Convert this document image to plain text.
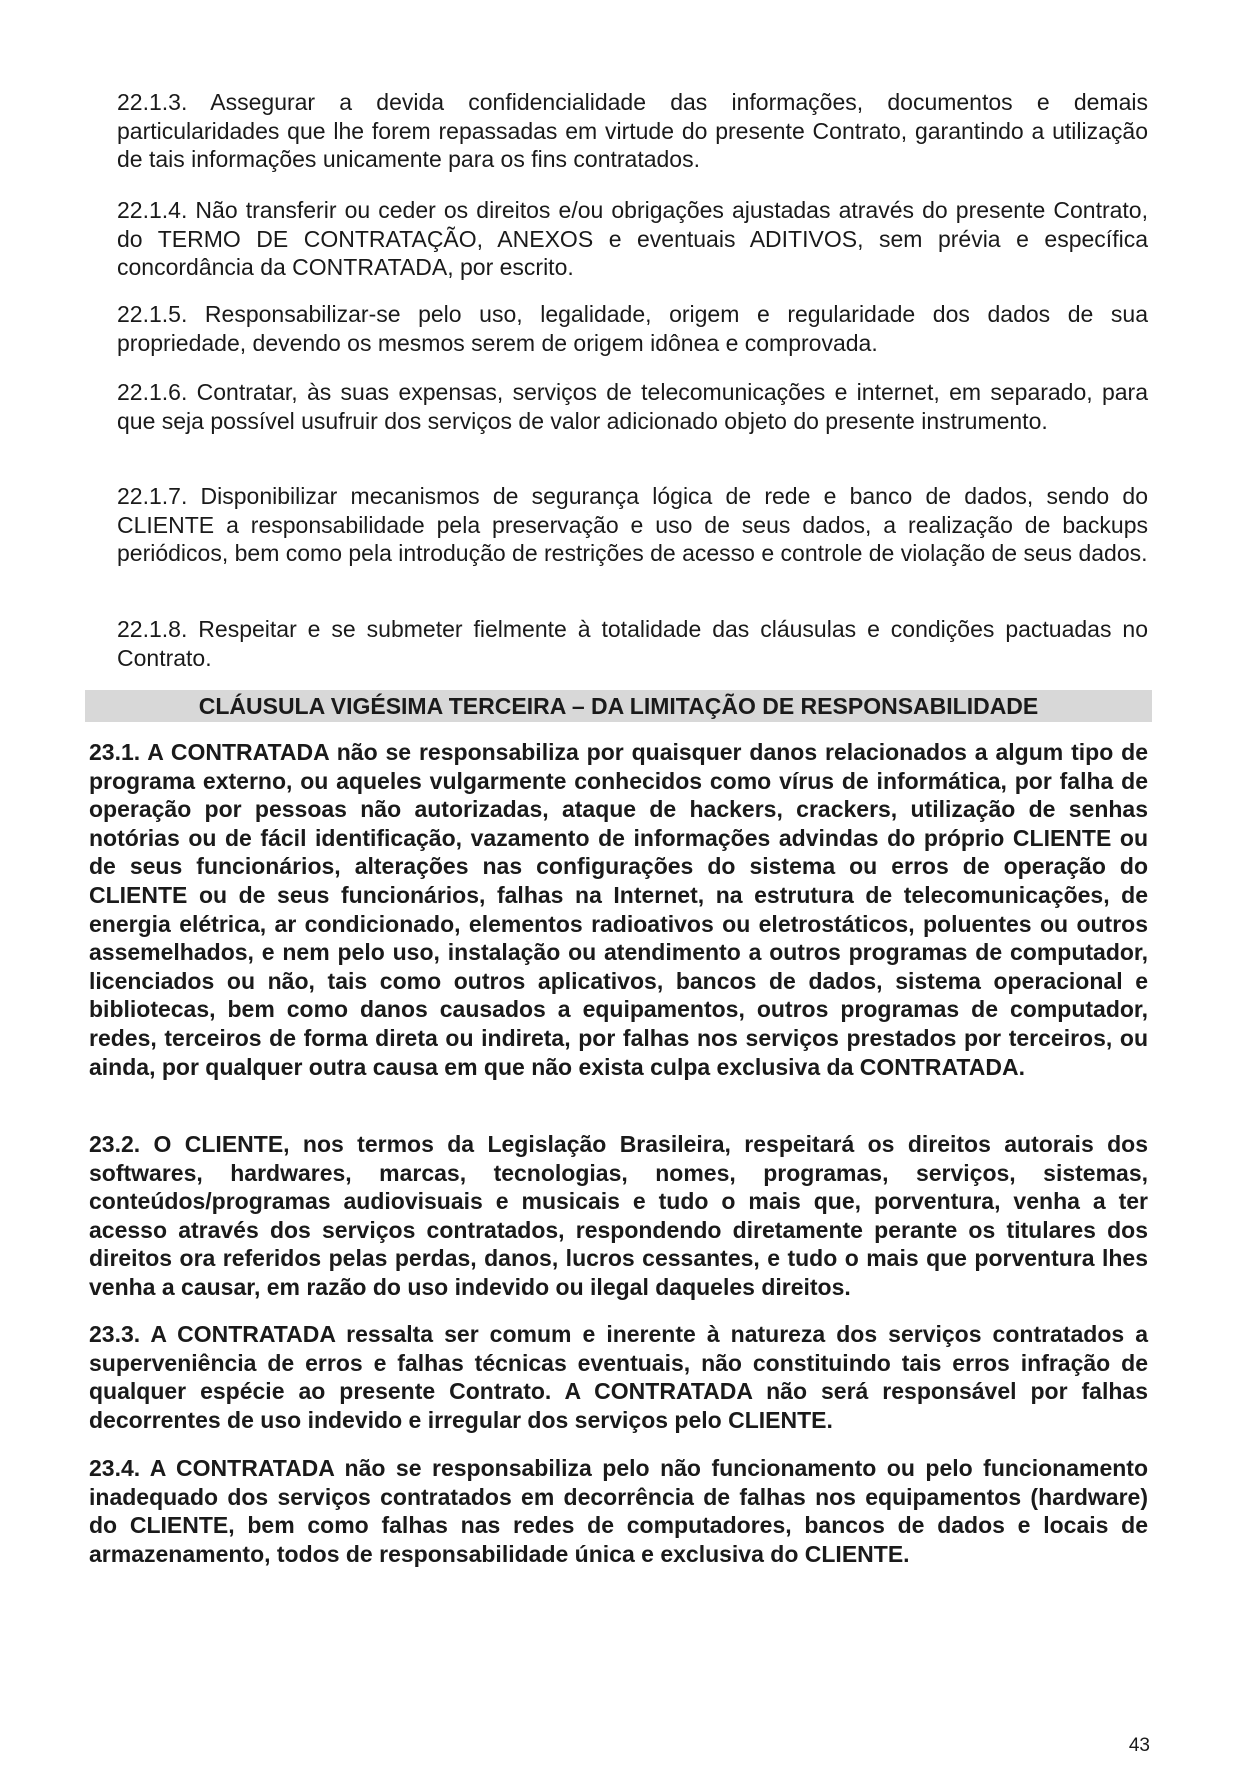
22.1.3. Assegurar a devida confidencialidade das informações, documentos e demais particularidades que lhe forem repassadas em virtude do presente Contrato, garantindo a utilização de tais informações unicamente para os fins contratados.

22.1.4. Não transferir ou ceder os direitos e/ou obrigações ajustadas através do presente Contrato, do TERMO DE CONTRATAÇÃO, ANEXOS e eventuais ADITIVOS, sem prévia e específica concordância da CONTRATADA, por escrito.

22.1.5. Responsabilizar-se pelo uso, legalidade, origem e regularidade dos dados de sua propriedade, devendo os mesmos serem de origem idônea e comprovada.

22.1.6. Contratar, às suas expensas, serviços de telecomunicações e internet, em separado, para que seja possível usufruir dos serviços de valor adicionado objeto do presente instrumento.

22.1.7. Disponibilizar mecanismos de segurança lógica de rede e banco de dados, sendo do CLIENTE a responsabilidade pela preservação e uso de seus dados, a realização de backups periódicos, bem como pela introdução de restrições de acesso e controle de violação de seus dados.

22.1.8. Respeitar e se submeter fielmente à totalidade das cláusulas e condições pactuadas no Contrato.

CLÁUSULA VIGÉSIMA TERCEIRA – DA LIMITAÇÃO DE RESPONSABILIDADE

23.1. A CONTRATADA não se responsabiliza por quaisquer danos relacionados a algum tipo de programa externo, ou aqueles vulgarmente conhecidos como vírus de informática, por falha de operação por pessoas não autorizadas, ataque de hackers, crackers, utilização de senhas notórias ou de fácil identificação, vazamento de informações advindas do próprio CLIENTE ou de seus funcionários, alterações nas configurações do sistema ou erros de operação do CLIENTE ou de seus funcionários, falhas na Internet, na estrutura de telecomunicações, de energia elétrica, ar condicionado, elementos radioativos ou eletrostáticos, poluentes ou outros assemelhados, e nem pelo uso, instalação ou atendimento a outros programas de computador, licenciados ou não, tais como outros aplicativos, bancos de dados, sistema operacional e bibliotecas, bem como danos causados a equipamentos, outros programas de computador, redes, terceiros de forma direta ou indireta, por falhas nos serviços prestados por terceiros, ou ainda, por qualquer outra causa em que não exista culpa exclusiva da CONTRATADA.

23.2. O CLIENTE, nos termos da Legislação Brasileira, respeitará os direitos autorais dos softwares, hardwares, marcas, tecnologias, nomes, programas, serviços, sistemas, conteúdos/programas audiovisuais e musicais e tudo o mais que, porventura, venha a ter acesso através dos serviços contratados, respondendo diretamente perante os titulares dos direitos ora referidos pelas perdas, danos, lucros cessantes, e tudo o mais que porventura lhes venha a causar, em razão do uso indevido ou ilegal daqueles direitos.

23.3. A CONTRATADA ressalta ser comum e inerente à natureza dos serviços contratados a superveniência de erros e falhas técnicas eventuais, não constituindo tais erros infração de qualquer espécie ao presente Contrato. A CONTRATADA não será responsável por falhas decorrentes de uso indevido e irregular dos serviços pelo CLIENTE.

23.4. A CONTRATADA não se responsabiliza pelo não funcionamento ou pelo funcionamento inadequado dos serviços contratados em decorrência de falhas nos equipamentos (hardware) do CLIENTE, bem como falhas nas redes de computadores, bancos de dados e locais de armazenamento, todos de responsabilidade única e exclusiva do CLIENTE.

43
